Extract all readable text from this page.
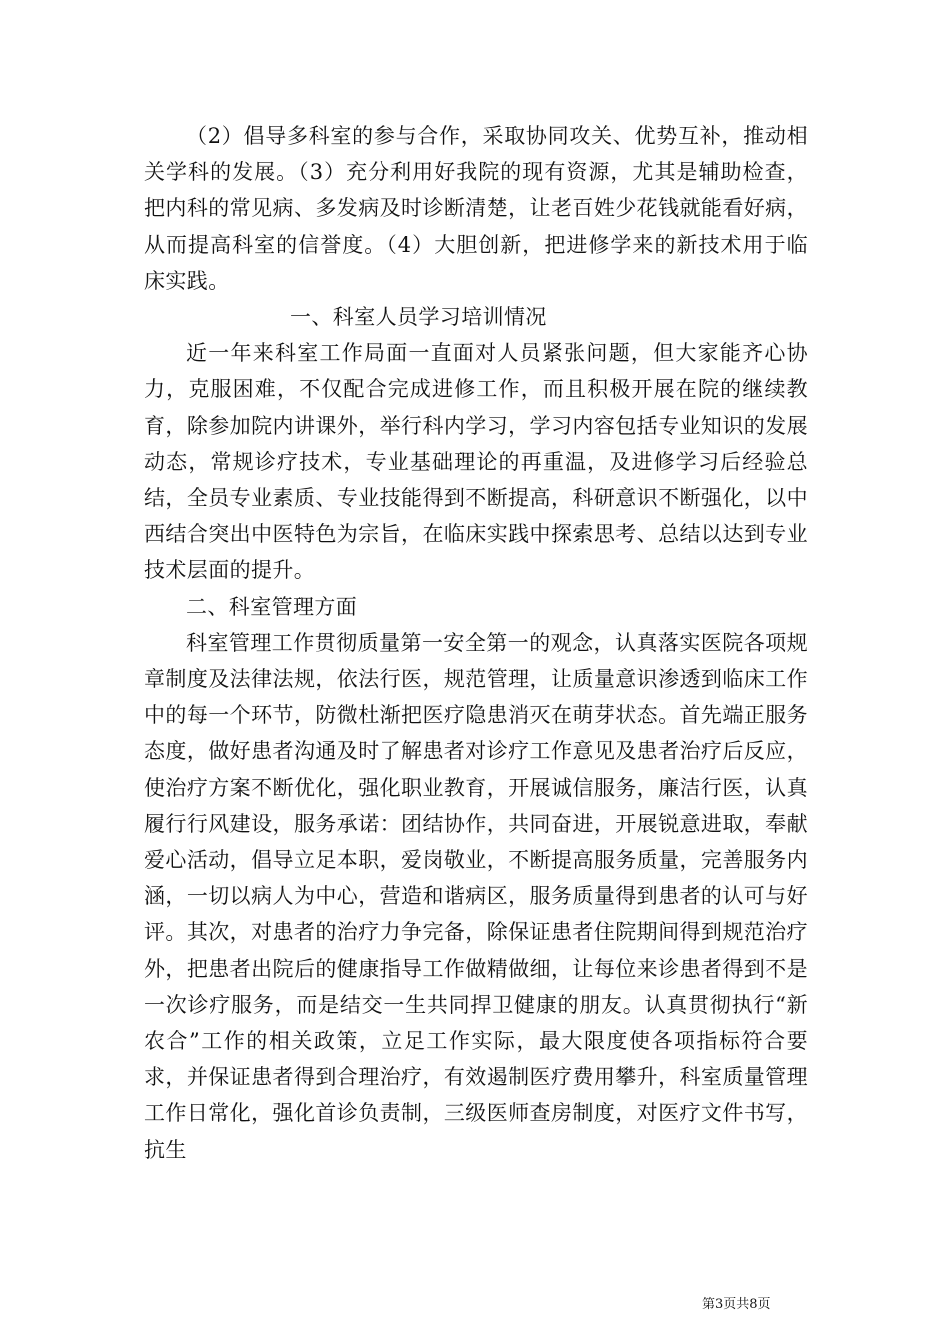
（2）倡导多科室的参与合作，采取协同攻关、优势互补，推动相关学科的发展。（3）充分利用好我院的现有资源，尤其是辅助检查，把内科的常见病、多发病及时诊断清楚，让老百姓少花钱就能看好病，从而提高科室的信誉度。（4）大胆创新，把进修学来的新技术用于临床实践。

一、科室人员学习培训情况

近一年来科室工作局面一直面对人员紧张问题，但大家能齐心协力，克服困难，不仅配合完成进修工作，而且积极开展在院的继续教育，除参加院内讲课外，举行科内学习，学习内容包括专业知识的发展动态，常规诊疗技术，专业基础理论的再重温，及进修学习后经验总结，全员专业素质、专业技能得到不断提高，科研意识不断强化，以中西结合突出中医特色为宗旨，在临床实践中探索思考、总结以达到专业技术层面的提升。

二、科室管理方面

科室管理工作贯彻质量第一安全第一的观念，认真落实医院各项规章制度及法律法规，依法行医，规范管理，让质量意识渗透到临床工作中的每一个环节，防微杜渐把医疗隐患消灭在萌芽状态。首先端正服务态度，做好患者沟通及时了解患者对诊疗工作意见及患者治疗后反应，使治疗方案不断优化，强化职业教育，开展诚信服务，廉洁行医，认真履行行风建设，服务承诺：团结协作，共同奋进，开展锐意进取，奉献爱心活动，倡导立足本职，爱岗敬业，不断提高服务质量，完善服务内涵，一切以病人为中心，营造和谐病区，服务质量得到患者的认可与好评。其次，对患者的治疗力争完备，除保证患者住院期间得到规范治疗外，把患者出院后的健康指导工作做精做细，让每位来诊患者得到不是一次诊疗服务，而是结交一生共同捍卫健康的朋友。认真贯彻执行“新农合”工作的相关政策，立足工作实际，最大限度使各项指标符合要求，并保证患者得到合理治疗，有效遏制医疗费用攀升，科室质量管理工作日常化，强化首诊负责制，三级医师查房制度，对医疗文件书写，抗生

第3页共8页
